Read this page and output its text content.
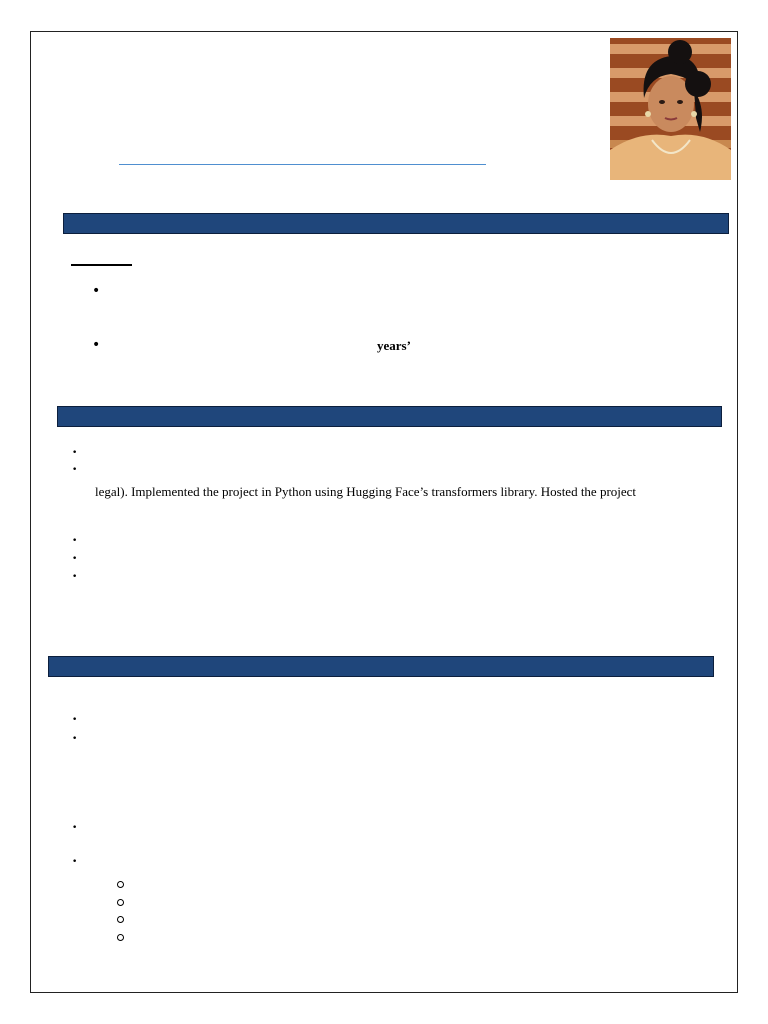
•
•	years’
•
•
legal). Implemented the project in Python using Hugging Face’s transformers library. Hosted the project
•
•
•
•
•
•
•
